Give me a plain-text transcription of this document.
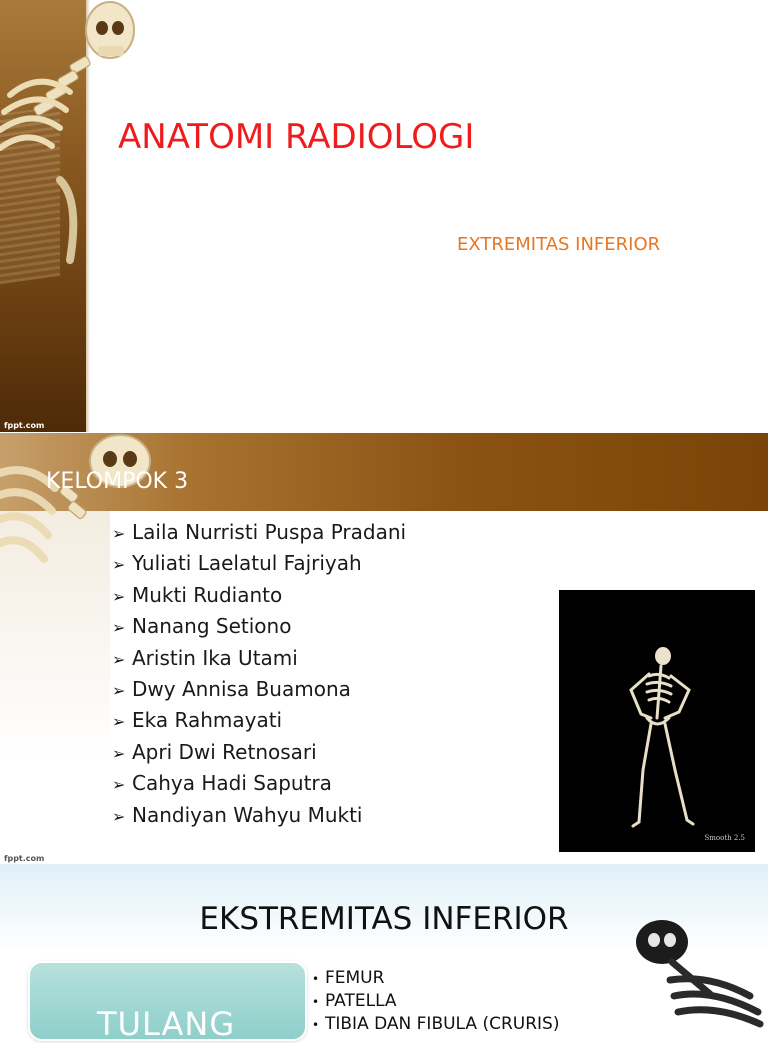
fppt.com
ANATOMI RADIOLOGI
EXTREMITAS INFERIOR
KELOMPOK 3
➢ Laila Nurristi Puspa Pradani
➢ Yuliati Laelatul Fajriyah
➢ Mukti Rudianto
➢ Nanang Setiono
➢ Aristin Ika Utami
➢ Dwy Annisa Buamona
➢ Eka Rahmayati
➢ Apri Dwi Retnosari
➢ Cahya Hadi Saputra
➢ Nandiyan Wahyu Mukti
Smooth 2.5
fppt.com
EKSTREMITAS INFERIOR
TULANG
• FEMUR
• PATELLA
• TIBIA DAN FIBULA (CRURIS)
